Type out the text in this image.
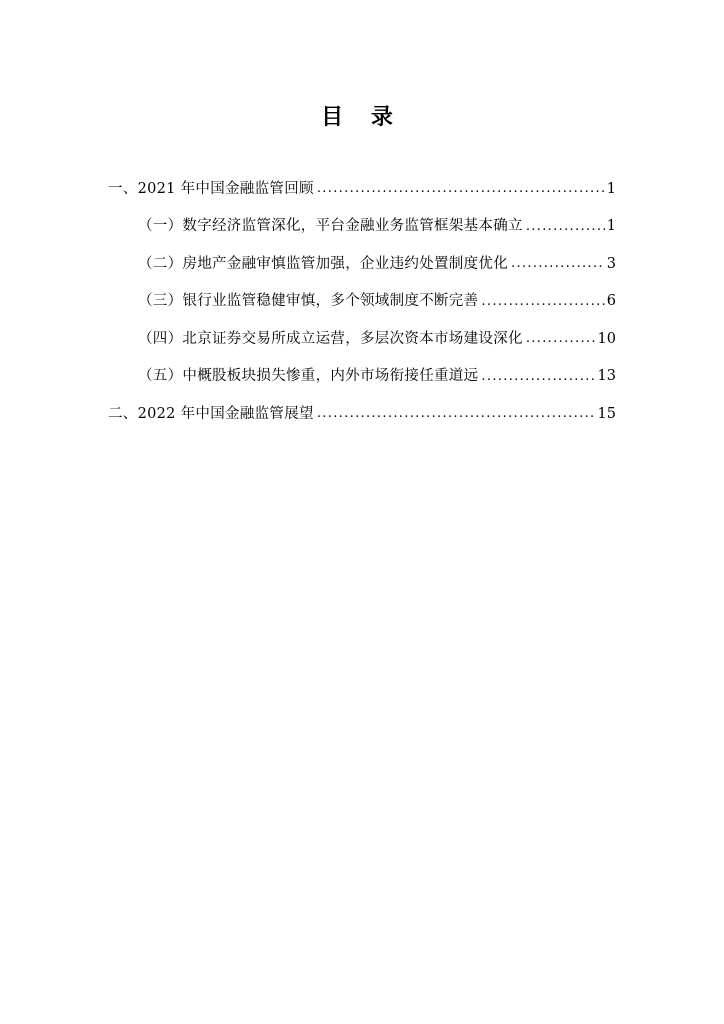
目 录
一、2021 年中国金融监管回顾 . . .	1
（一）数字经济监管深化，平台金融业务监管框架基本确立 . . .	1
（二）房地产金融审慎监管加强，企业违约处置制度优化 . . .	3
（三）银行业监管稳健审慎，多个领域制度不断完善 . . .	6
（四）北京证券交易所成立运营，多层次资本市场建设深化 . . .	10
（五）中概股板块损失惨重，内外市场衔接任重道远 . . .	13
二、2022 年中国金融监管展望 . . .	15
